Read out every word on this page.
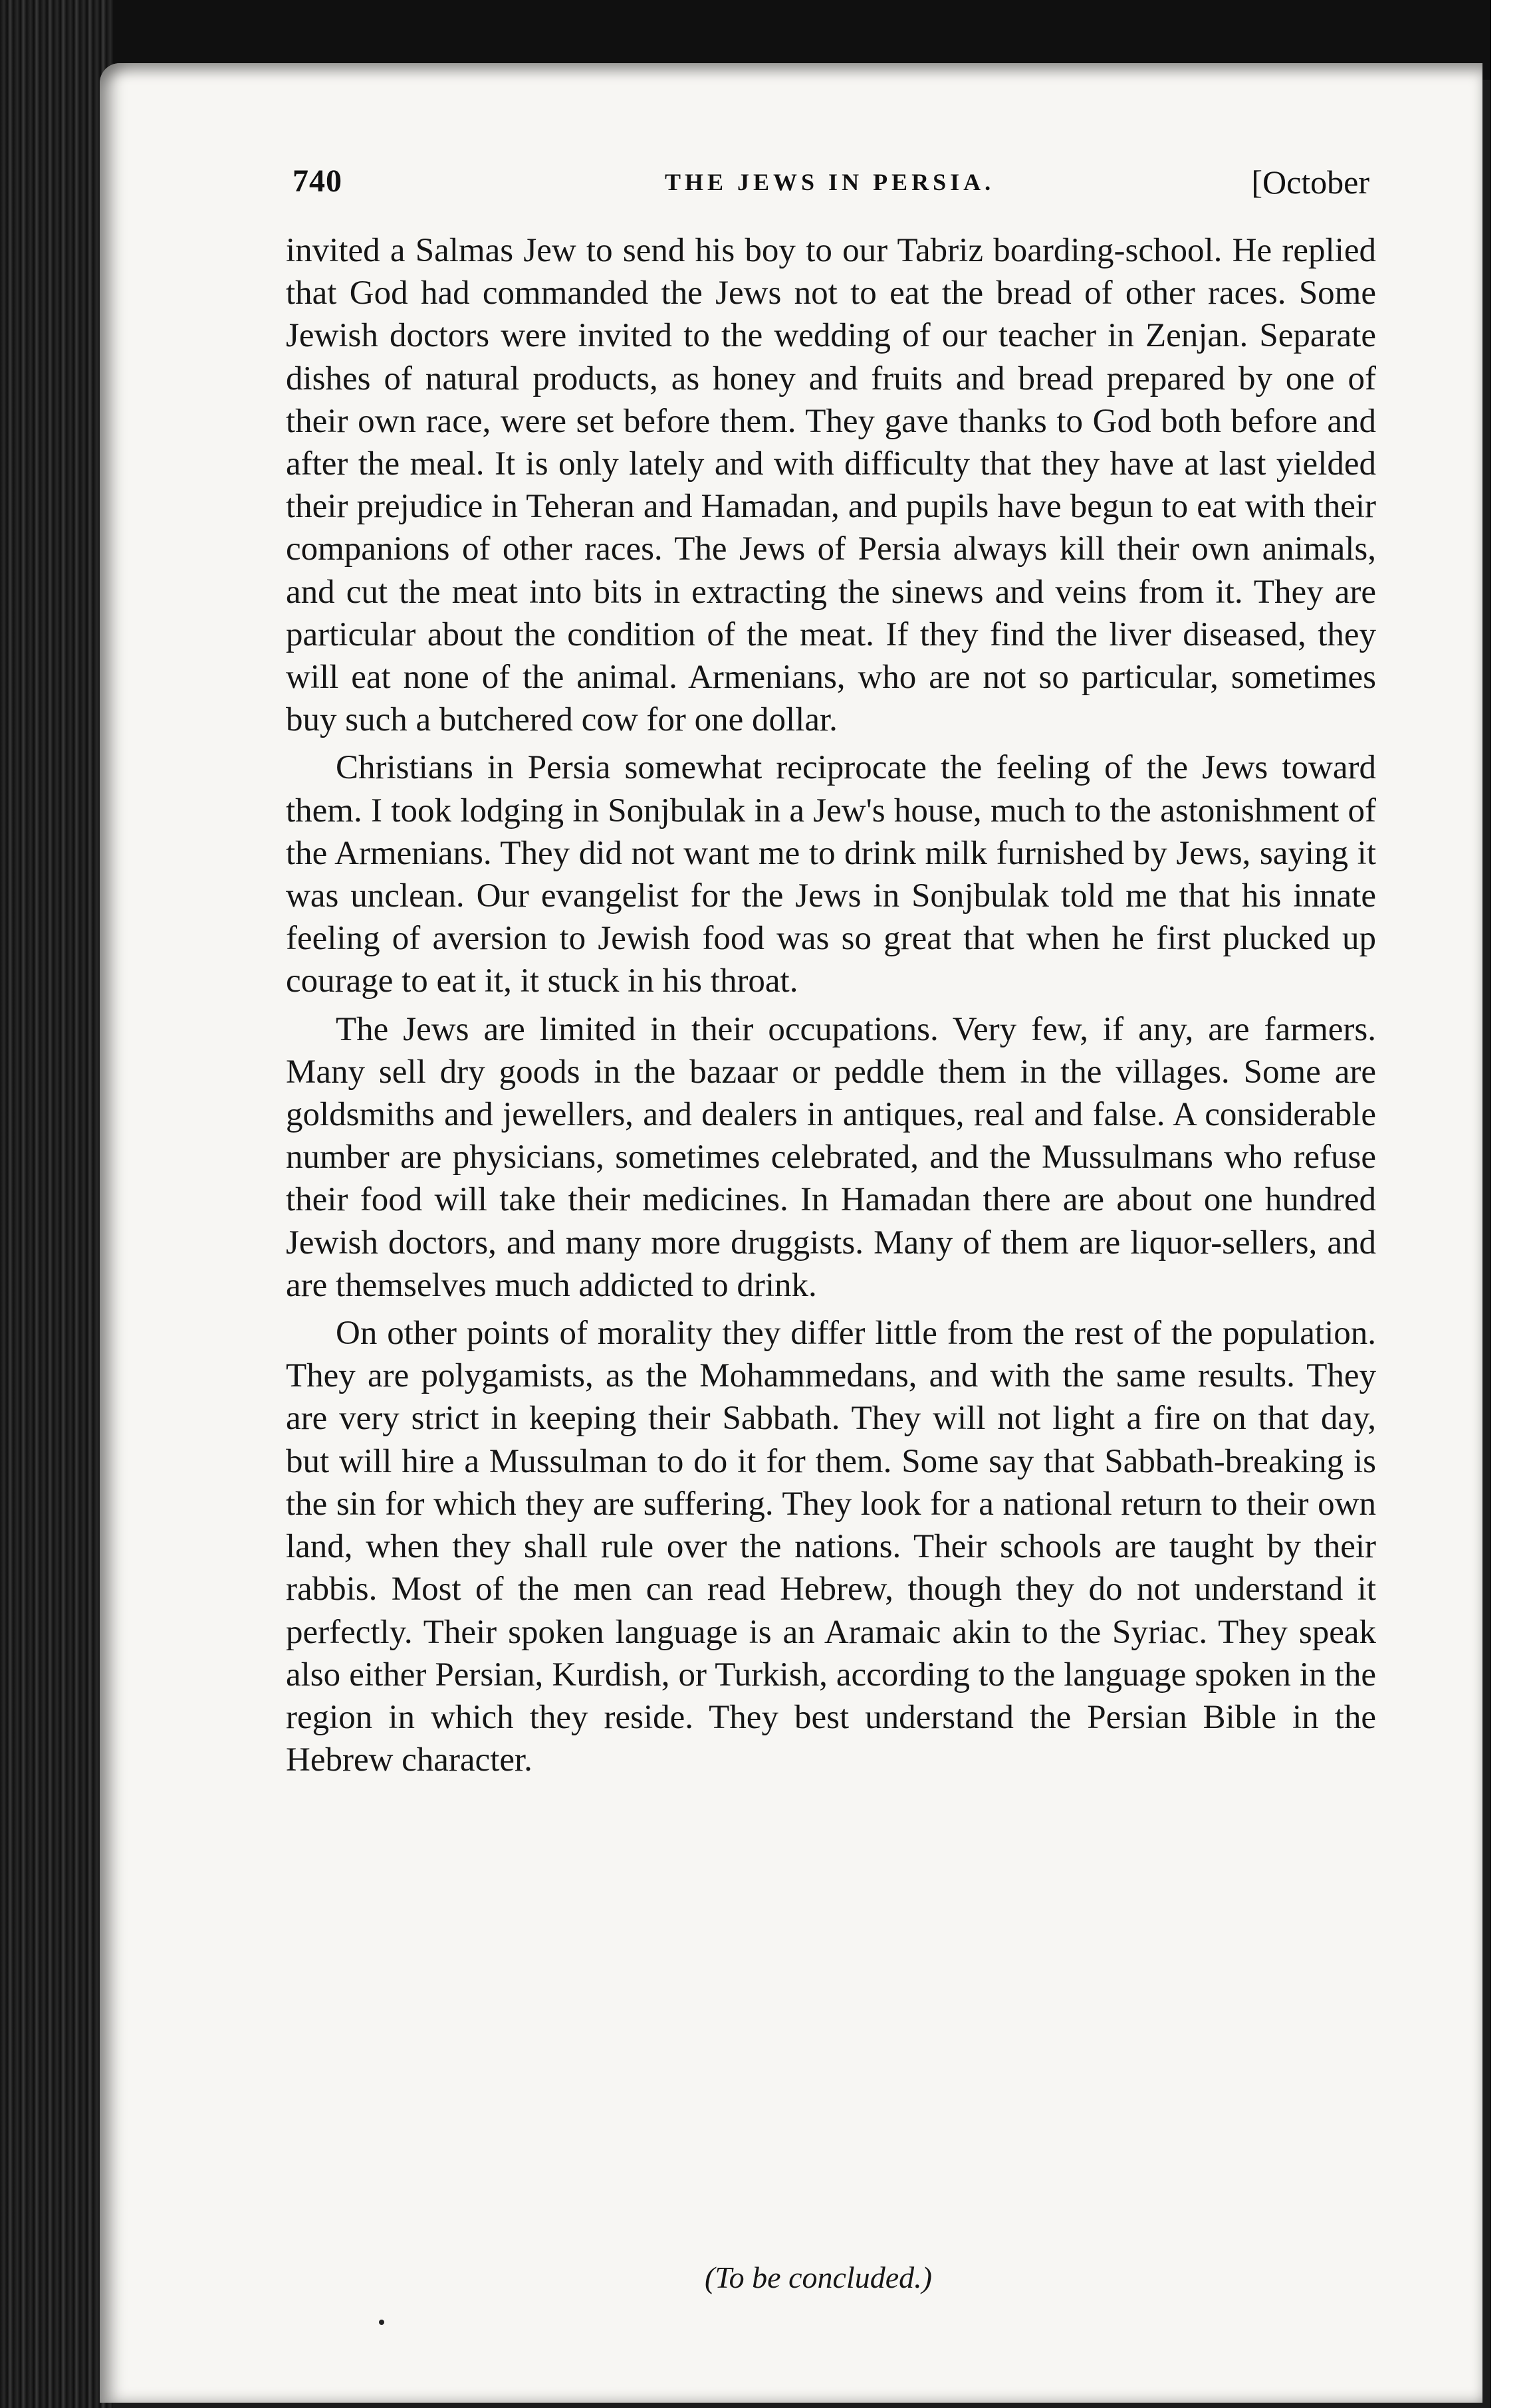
740	THE JEWS IN PERSIA.	[October

invited a Salmas Jew to send his boy to our Tabriz boarding-school. He replied that God had commanded the Jews not to eat the bread of other races. Some Jewish doctors were invited to the wedding of our teacher in Zenjan. Separate dishes of natural products, as honey and fruits and bread prepared by one of their own race, were set before them. They gave thanks to God both before and after the meal. It is only lately and with difficulty that they have at last yielded their prejudice in Teheran and Hamadan, and pupils have begun to eat with their companions of other races. The Jews of Persia always kill their own animals, and cut the meat into bits in extracting the sinews and veins from it. They are particular about the condition of the meat. If they find the liver diseased, they will eat none of the animal. Armenians, who are not so particular, sometimes buy such a butchered cow for one dollar.

Christians in Persia somewhat reciprocate the feeling of the Jews toward them. I took lodging in Sonjbulak in a Jew's house, much to the astonishment of the Armenians. They did not want me to drink milk furnished by Jews, saying it was unclean. Our evangelist for the Jews in Sonjbulak told me that his innate feeling of aversion to Jewish food was so great that when he first plucked up courage to eat it, it stuck in his throat.

The Jews are limited in their occupations. Very few, if any, are farmers. Many sell dry goods in the bazaar or peddle them in the villages. Some are goldsmiths and jewellers, and dealers in antiques, real and false. A considerable number are physicians, sometimes celebrated, and the Mussulmans who refuse their food will take their medicines. In Hamadan there are about one hundred Jewish doctors, and many more druggists. Many of them are liquor-sellers, and are themselves much addicted to drink.

On other points of morality they differ little from the rest of the population. They are polygamists, as the Mohammedans, and with the same results. They are very strict in keeping their Sabbath. They will not light a fire on that day, but will hire a Mussulman to do it for them. Some say that Sabbath-breaking is the sin for which they are suffering. They look for a national return to their own land, when they shall rule over the nations. Their schools are taught by their rabbis. Most of the men can read Hebrew, though they do not understand it perfectly. Their spoken language is an Aramaic akin to the Syriac. They speak also either Persian, Kurdish, or Turkish, according to the language spoken in the region in which they reside. They best understand the Persian Bible in the Hebrew character.

(To be concluded.)
